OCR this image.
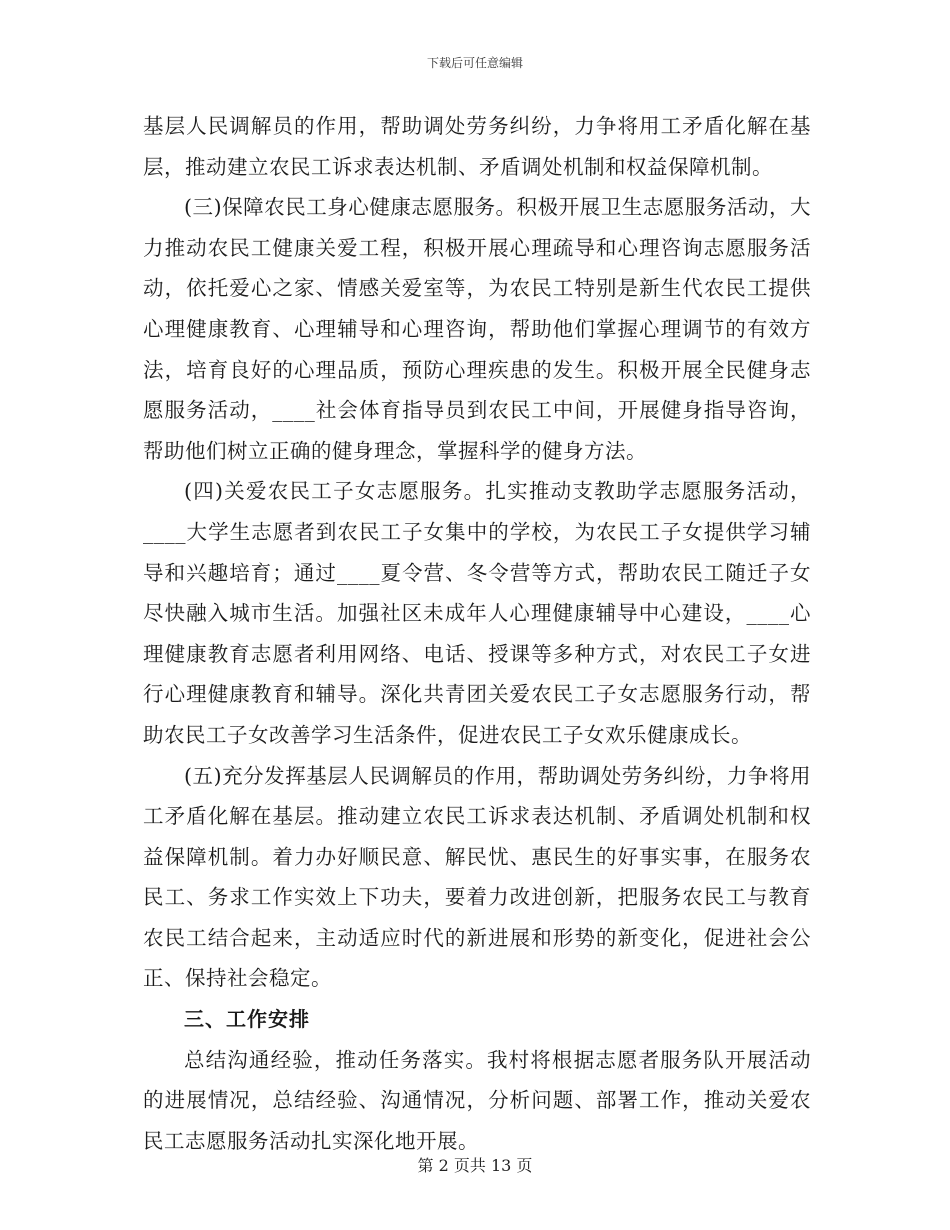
下载后可任意编辑

基层人民调解员的作用，帮助调处劳务纠纷，力争将用工矛盾化解在基层，推动建立农民工诉求表达机制、矛盾调处机制和权益保障机制。

(三)保障农民工身心健康志愿服务。积极开展卫生志愿服务活动，大力推动农民工健康关爱工程，积极开展心理疏导和心理咨询志愿服务活动，依托爱心之家、情感关爱室等，为农民工特别是新生代农民工提供心理健康教育、心理辅导和心理咨询，帮助他们掌握心理调节的有效方法，培育良好的心理品质，预防心理疾患的发生。积极开展全民健身志愿服务活动，____社会体育指导员到农民工中间，开展健身指导咨询，帮助他们树立正确的健身理念，掌握科学的健身方法。

(四)关爱农民工子女志愿服务。扎实推动支教助学志愿服务活动，____大学生志愿者到农民工子女集中的学校，为农民工子女提供学习辅导和兴趣培育；通过____夏令营、冬令营等方式，帮助农民工随迁子女尽快融入城市生活。加强社区未成年人心理健康辅导中心建设，____心理健康教育志愿者利用网络、电话、授课等多种方式，对农民工子女进行心理健康教育和辅导。深化共青团关爱农民工子女志愿服务行动，帮助农民工子女改善学习生活条件，促进农民工子女欢乐健康成长。

(五)充分发挥基层人民调解员的作用，帮助调处劳务纠纷，力争将用工矛盾化解在基层。推动建立农民工诉求表达机制、矛盾调处机制和权益保障机制。着力办好顺民意、解民忧、惠民生的好事实事，在服务农民工、务求工作实效上下功夫，要着力改进创新，把服务农民工与教育农民工结合起来，主动适应时代的新进展和形势的新变化，促进社会公正、保持社会稳定。

三、工作安排

总结沟通经验，推动任务落实。我村将根据志愿者服务队开展活动的进展情况，总结经验、沟通情况，分析问题、部署工作，推动关爱农民工志愿服务活动扎实深化地开展。

第 2 页共 13 页
